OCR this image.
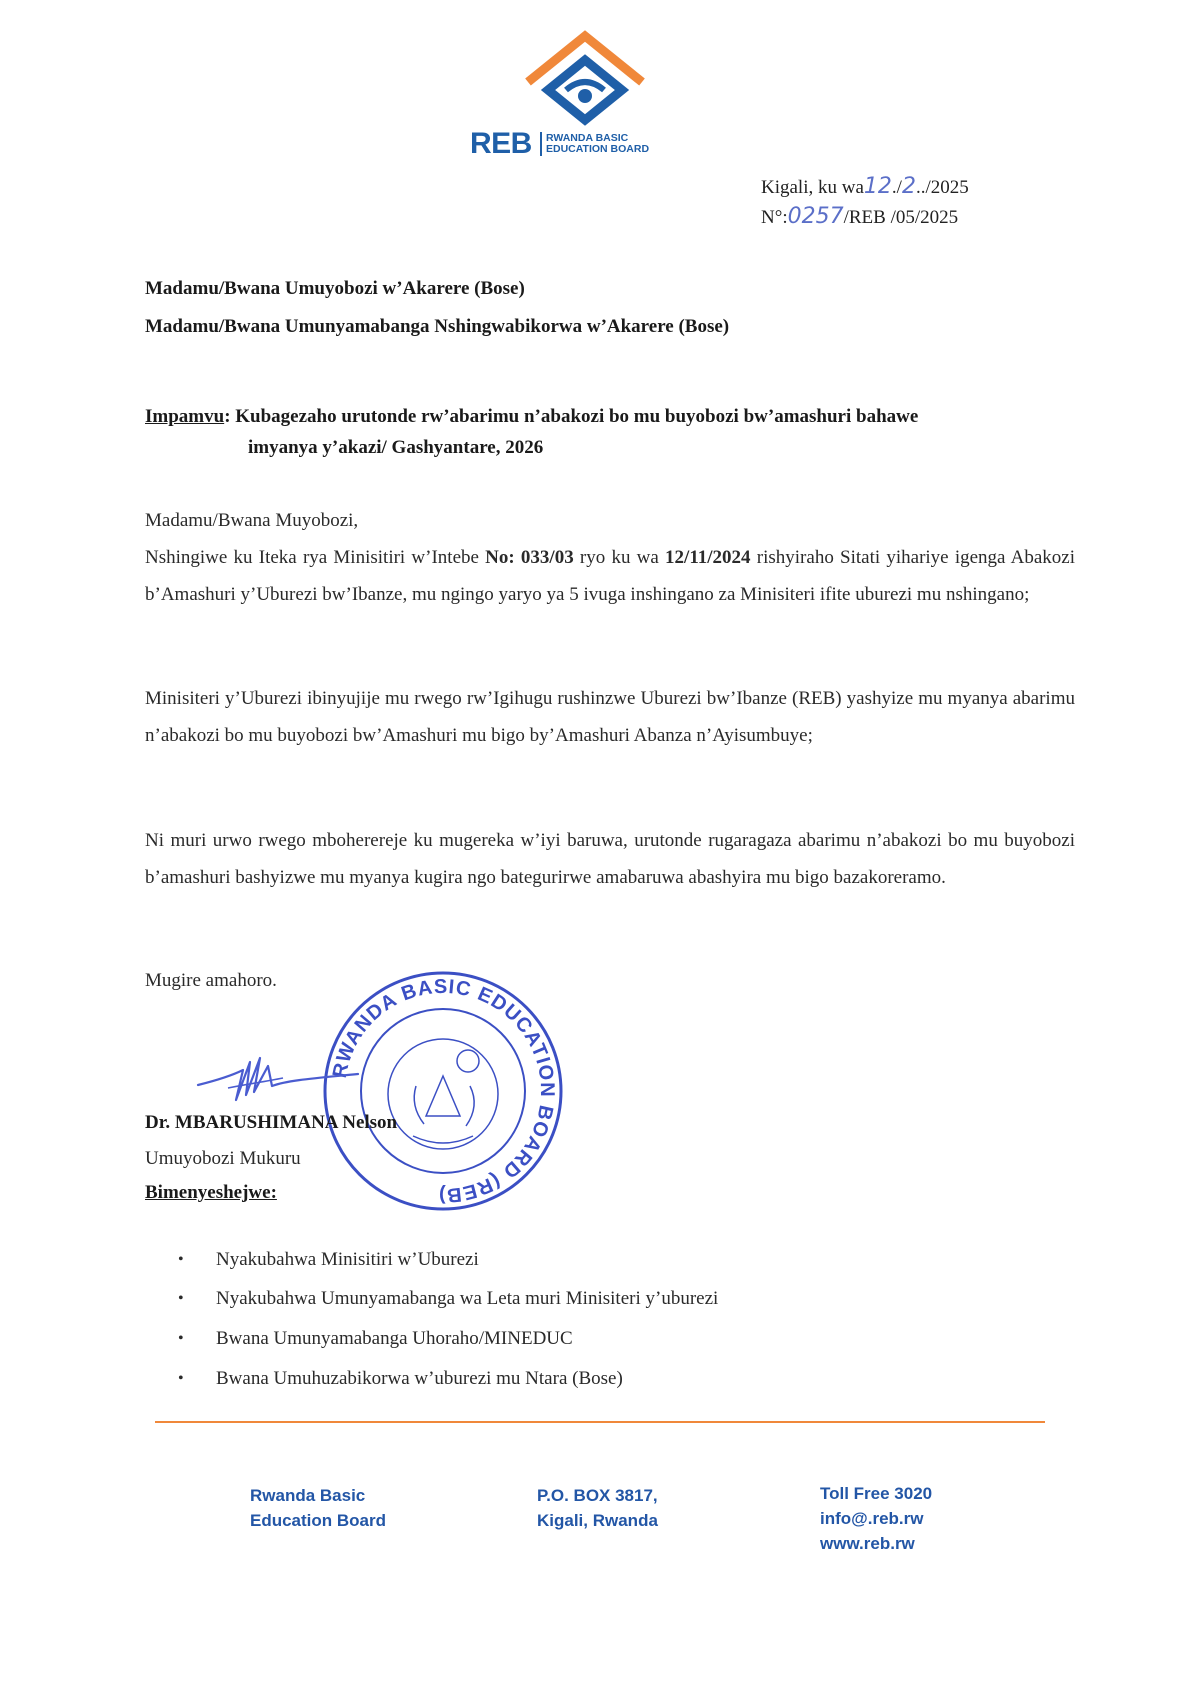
REB RWANDA BASIC
EDUCATION BOARD
Kigali, ku wa12./2../2025
N°:0257/REB /05/2025
Madamu/Bwana Umuyobozi w’Akarere (Bose)
Madamu/Bwana Umunyamabanga Nshingwabikorwa w’Akarere (Bose)
Impamvu: Kubagezaho urutonde rw’abarimu n’abakozi bo mu buyobozi bw’amashuri bahawe
imyanya y’akazi/ Gashyantare, 2026
Madamu/Bwana Muyobozi,
Nshingiwe ku Iteka rya Minisitiri w’Intebe No: 033/03 ryo ku wa 12/11/2024 rishyiraho Sitati yihariye igenga Abakozi b’Amashuri y’Uburezi bw’Ibanze, mu ngingo yaryo ya 5 ivuga inshingano za Minisiteri ifite uburezi mu nshingano;
Minisiteri y’Uburezi ibinyujije mu rwego rw’Igihugu rushinzwe Uburezi bw’Ibanze (REB) yashyize mu myanya abarimu n’abakozi bo mu buyobozi bw’Amashuri mu bigo by’Amashuri Abanza n’Ayisumbuye;
Ni muri urwo rwego mboherereje ku mugereka w’iyi baruwa, urutonde rugaragaza abarimu n’abakozi bo mu buyobozi b’amashuri bashyizwe mu myanya kugira ngo bategurirwe amabaruwa abashyira mu bigo bazakoreramo.
Mugire amahoro.
RWANDA BASIC EDUCATION BOARD (REB)
Dr. MBARUSHIMANA Nelson
Umuyobozi Mukuru
Bimenyeshejwe:
• Nyakubahwa Minisitiri w’Uburezi
• Nyakubahwa Umunyamabanga wa Leta muri Minisiteri y’uburezi
• Bwana Umunyamabanga Uhoraho/MINEDUC
• Bwana Umuhuzabikorwa w’uburezi mu Ntara (Bose)
Rwanda Basic
Education Board
P.O. BOX 3817,
Kigali, Rwanda
Toll Free 3020
info@.reb.rw
www.reb.rw
